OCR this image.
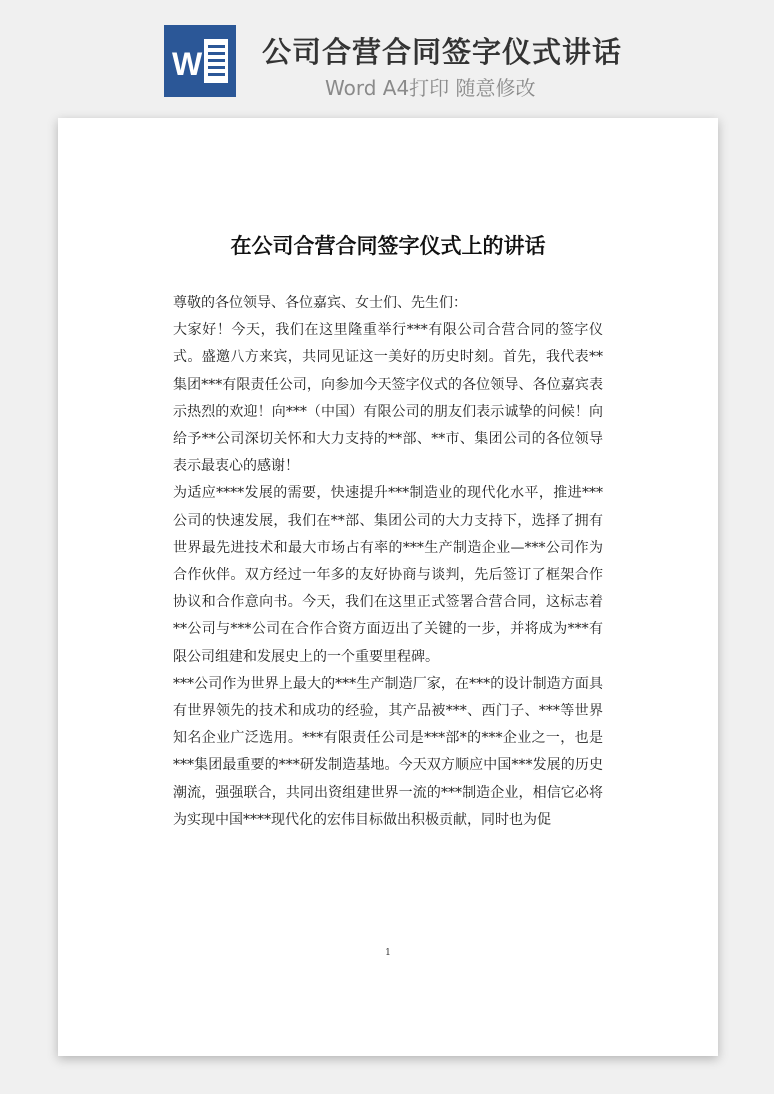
W 公司合营合同签字仪式讲话
Word A4打印 随意修改
在公司合营合同签字仪式上的讲话

尊敬的各位领导、各位嘉宾、女士们、先生们：

大家好！今天，我们在这里隆重举行***有限公司合营合同的签字仪式。盛邀八方来宾，共同见证这一美好的历史时刻。首先，我代表**集团***有限责任公司，向参加今天签字仪式的各位领导、各位嘉宾表示热烈的欢迎！向***（中国）有限公司的朋友们表示诚挚的问候！向给予**公司深切关怀和大力支持的**部、**市、集团公司的各位领导表示最衷心的感谢！

为适应****发展的需要，快速提升***制造业的现代化水平，推进***公司的快速发展，我们在**部、集团公司的大力支持下，选择了拥有世界最先进技术和最大市场占有率的***生产制造企业—***公司作为合作伙伴。双方经过一年多的友好协商与谈判，先后签订了框架合作协议和合作意向书。今天，我们在这里正式签署合营合同，这标志着**公司与***公司在合作合资方面迈出了关键的一步，并将成为***有限公司组建和发展史上的一个重要里程碑。

***公司作为世界上最大的***生产制造厂家，在***的设计制造方面具有世界领先的技术和成功的经验，其产品被***、西门子、***等世界知名企业广泛选用。***有限责任公司是***部*的***企业之一，也是***集团最重要的***研发制造基地。今天双方顺应中国***发展的历史潮流，强强联合，共同出资组建世界一流的***制造企业，相信它必将为实现中国****现代化的宏伟目标做出积极贡献，同时也为促

1
